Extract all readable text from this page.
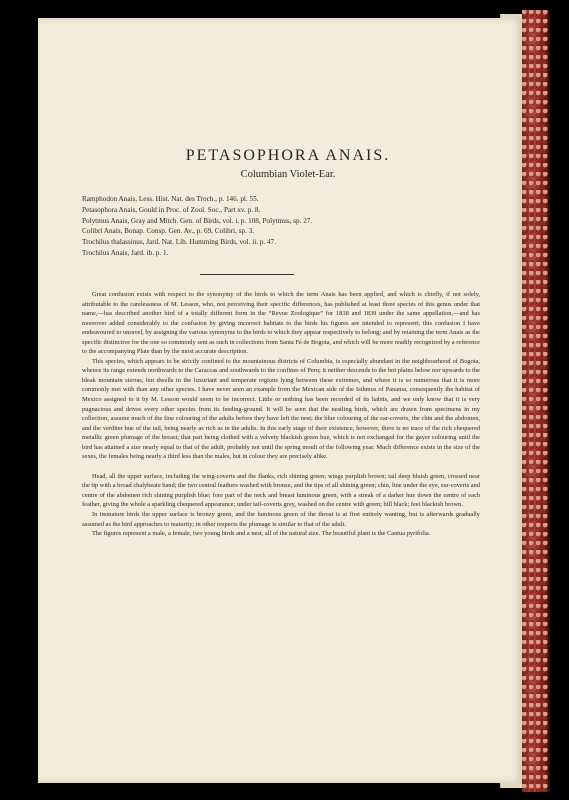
PETASOPHORA ANAIS.
Columbian Violet-Ear.
Ramphodon Anais, Less. Hist. Nat. des Troch., p. 146. pl. 55.
Petasophora Anais, Gould in Proc. of Zool. Soc., Part xv. p. 8.
Polytmus Anais, Gray and Mitch. Gen. of Birds, vol. i. p. 108, Polytmus, sp. 27.
Colibri Anais, Bonap. Consp. Gen. Av., p. 69, Colibri, sp. 3.
Trochilus thalassinus, Jard. Nat. Lib. Humming Birds, vol. ii. p. 47.
Trochilus Anais, Jard. ib. p. 1.

Great confusion exists with respect to the synonymy of the birds to which the term Anais has been applied, and which is chiefly, if not solely, attributable to the carelessness of M. Lesson, who, not perceiving their specific differences, has published at least three species of this genus under that name,—has described another bird of a totally different form in the “Revue Zoologique” for 1838 and 1839 under the same appellation,—and has moreover added considerably to the confusion by giving incorrect habitats to the birds his figures are intended to represent; this confusion I have endeavoured to unravel, by assigning the various synonyms to the birds to which they appear respectively to belong; and by retaining the term Anais as the specific distinctive for the one so commonly sent as such in collections from Santa Fé de Bogota, and which will be more readily recognized by a reference to the accompanying Plate than by the most accurate description.

This species, which appears to be strictly confined to the mountainous districts of Columbia, is especially abundant in the neighbourhood of Bogota, whence its range extends northwards to the Caraccas and southwards to the confines of Peru; it neither descends to the hot plains below nor upwards to the bleak mountain sierras, but dwells in the luxuriant and temperate regions lying between these extremes, and where it is so numerous that it is more commonly met with than any other species. I have never seen an example from the Mexican side of the Isthmus of Panama, consequently the habitat of Mexico assigned to it by M. Lesson would seem to be incorrect. Little or nothing has been recorded of its habits, and we only know that it is very pugnacious and drives every other species from its feeding-ground. It will be seen that the nestling birds, which are drawn from specimens in my collection, assume much of the fine colouring of the adults before they have left the nest; the blue colouring of the ear-coverts, the chin and the abdomen, and the verditer hue of the tail, being nearly as rich as in the adults. In this early stage of their existence, however, there is no trace of the rich chequered metallic green plumage of the breast; that part being clothed with a velvety blackish green hue, which is not exchanged for the gayer colouring until the bird has attained a size nearly equal to that of the adult, probably not until the spring moult of the following year. Much difference exists in the size of the sexes, the females being nearly a third less than the males, but in colour they are precisely alike.

Head, all the upper surface, including the wing-coverts and the flanks, rich shining green; wings purplish brown; tail deep bluish green, crossed near the tip with a broad chalybeate band; the two central feathers washed with bronze, and the tips of all shining green; chin, line under the eye, ear-coverts and centre of the abdomen rich shining purplish blue; fore part of the neck and breast luminous green, with a streak of a darker hue down the centre of each feather, giving the whole a sparkling chequered appearance; under tail-coverts grey, washed on the centre with green; bill black; feet blackish brown.

In immature birds the upper surface is bronzy green, and the luminous green of the throat is at first entirely wanting, but is afterwards gradually assumed as the bird approaches to maturity; in other respects the plumage is similar to that of the adult.

The figures represent a male, a female, two young birds and a nest, all of the natural size. The beautiful plant is the Cantua pyrifolia.
